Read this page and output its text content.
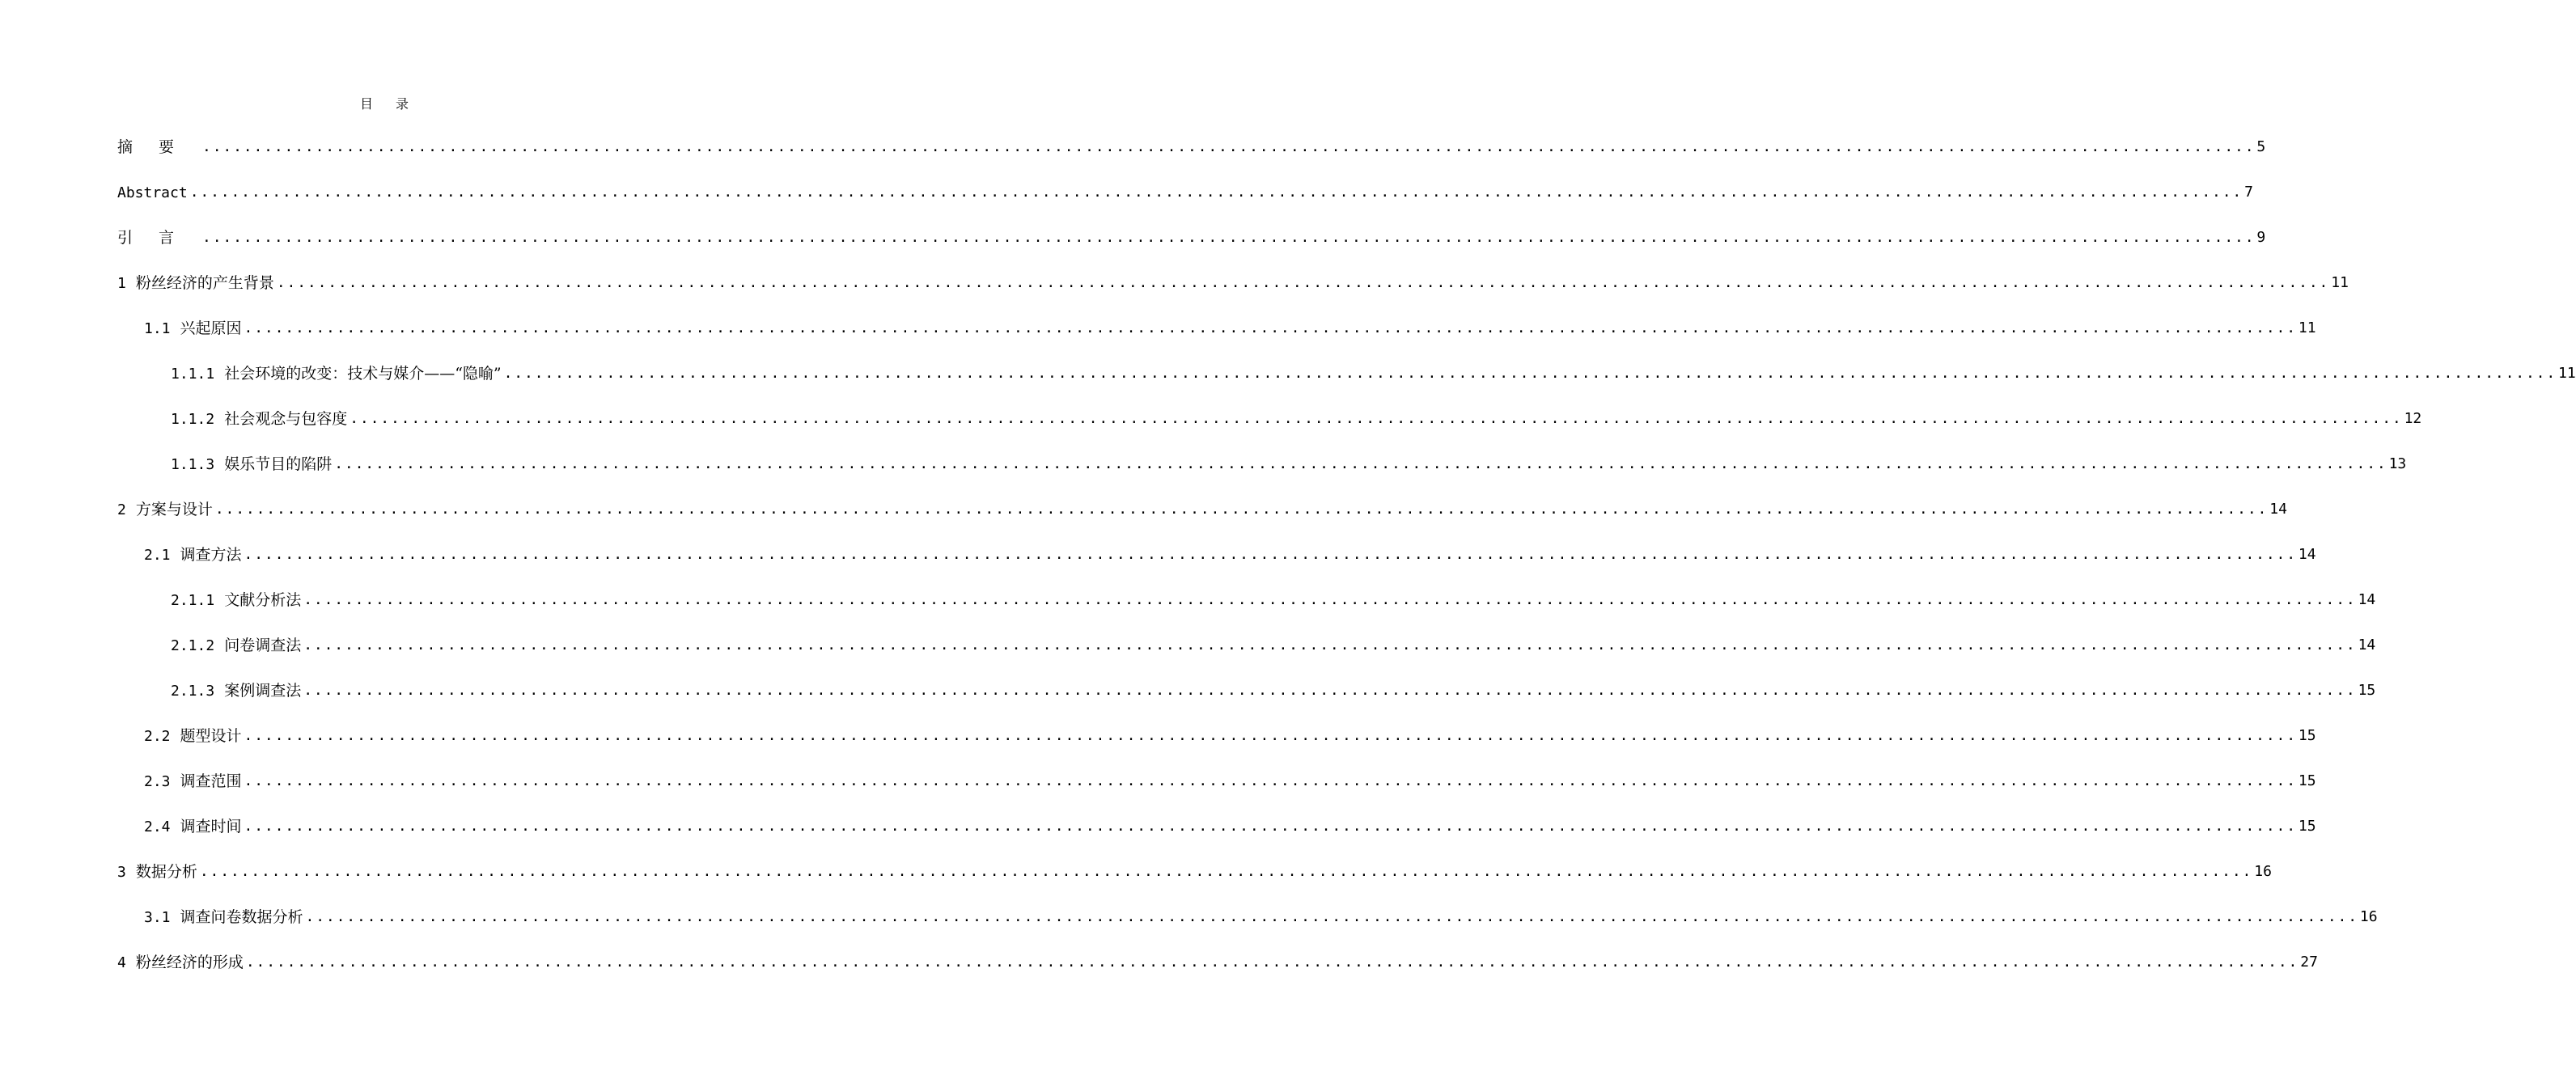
目 录
摘要 ........................................................................................................................................................................................................ 5
Abstract ........................................................................................................................................................................................................ 7
引言 ........................................................................................................................................................................................................ 9
1 粉丝经济的产生背景 ........................................................................................................................................................................................................ 11
1.1 兴起原因 ........................................................................................................................................................................................................ 11
1.1.1 社会环境的改变：技术与媒介——“隐喻” ........................................................................................................................................................................................................ 11
1.1.2 社会观念与包容度 ........................................................................................................................................................................................................ 12
1.1.3 娱乐节目的陷阱 ........................................................................................................................................................................................................ 13
2 方案与设计 ........................................................................................................................................................................................................ 14
2.1 调查方法 ........................................................................................................................................................................................................ 14
2.1.1 文献分析法 ........................................................................................................................................................................................................ 14
2.1.2 问卷调查法 ........................................................................................................................................................................................................ 14
2.1.3 案例调查法 ........................................................................................................................................................................................................ 15
2.2 题型设计 ........................................................................................................................................................................................................ 15
2.3 调查范围 ........................................................................................................................................................................................................ 15
2.4 调查时间 ........................................................................................................................................................................................................ 15
3 数据分析 ........................................................................................................................................................................................................ 16
3.1 调查问卷数据分析 ........................................................................................................................................................................................................ 16
4 粉丝经济的形成 ........................................................................................................................................................................................................ 27
